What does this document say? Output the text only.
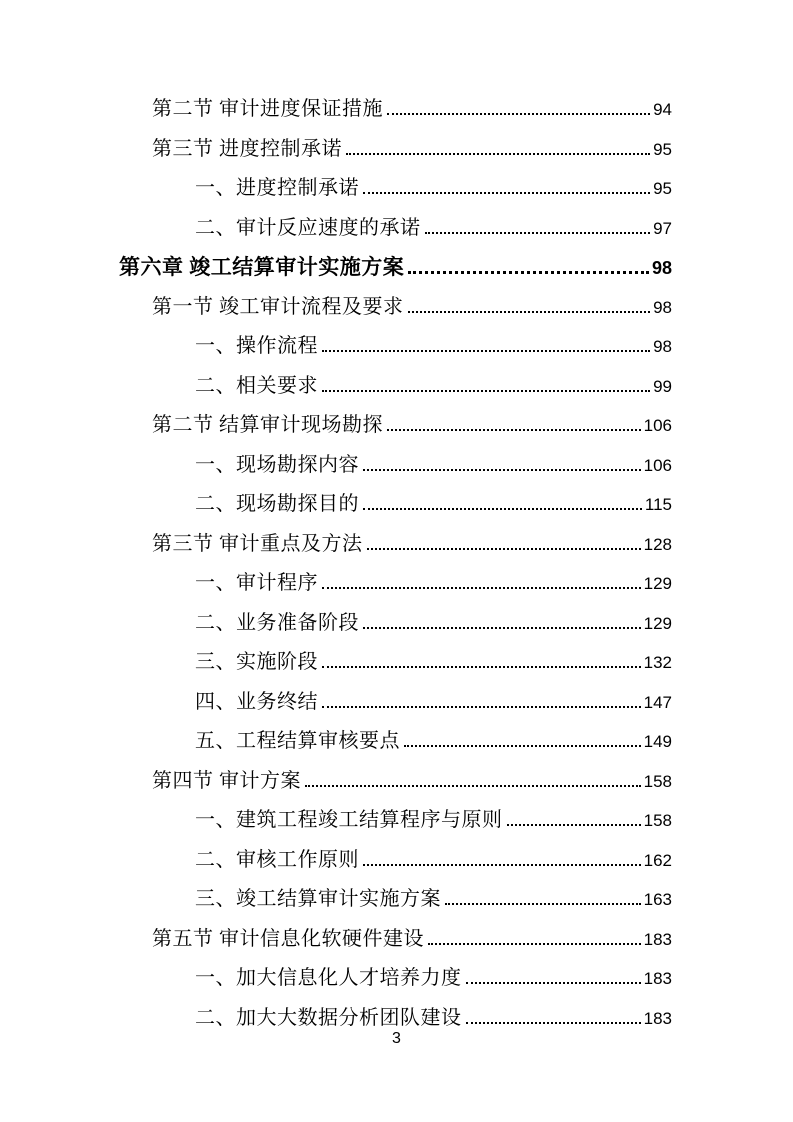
第二节 审计进度保证措施	94
第三节 进度控制承诺	95
一、进度控制承诺	95
二、审计反应速度的承诺	97
第六章 竣工结算审计实施方案	98
第一节 竣工审计流程及要求	98
一、操作流程	98
二、相关要求	99
第二节 结算审计现场勘探	106
一、现场勘探内容	106
二、现场勘探目的	115
第三节 审计重点及方法	128
一、审计程序	129
二、业务准备阶段	129
三、实施阶段	132
四、业务终结	147
五、工程结算审核要点	149
第四节 审计方案	158
一、建筑工程竣工结算程序与原则	158
二、审核工作原则	162
三、竣工结算审计实施方案	163
第五节 审计信息化软硬件建设	183
一、加大信息化人才培养力度	183
二、加大大数据分析团队建设	183
3
